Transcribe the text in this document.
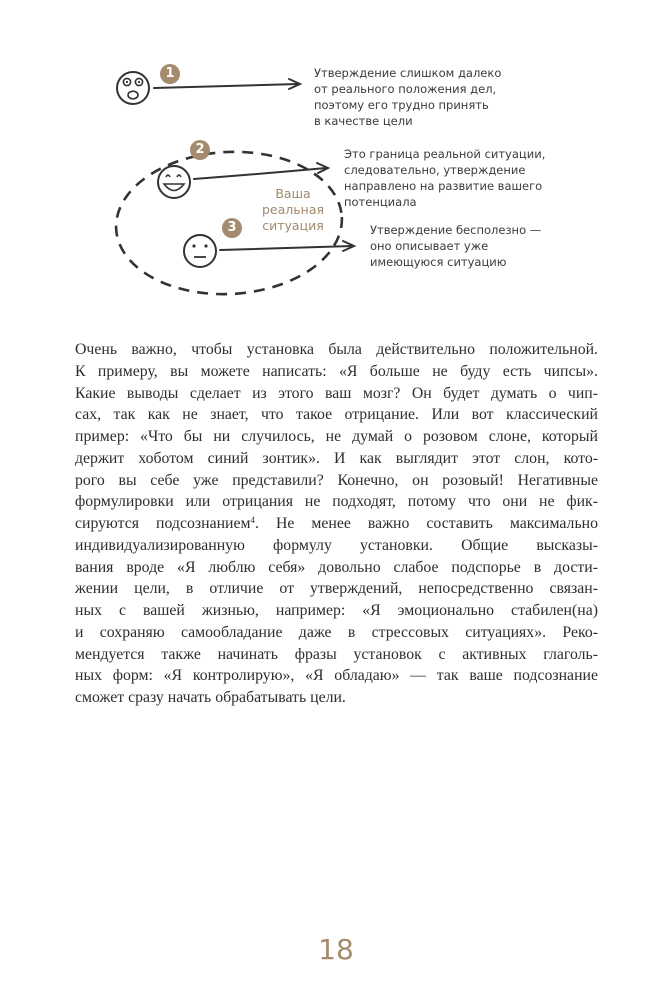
1
2
3
Ваша
реальная
ситуация
Утверждение слишком далеко
от реального положения дел,
поэтому его трудно принять
в качестве цели
Это граница реальной ситуации,
следовательно, утверждение
направлено на развитие вашего
потенциала
Утверждение бесполезно —
оно описывает уже
имеющуюся ситуацию
Очень важно, чтобы установка была действительно положительной.
К примеру, вы можете написать: «Я больше не буду есть чипсы».
Какие выводы сделает из этого ваш мозг? Он будет думать о чип-
сах, так как не знает, что такое отрицание. Или вот классический
пример: «Что бы ни случилось, не думай о розовом слоне, который
держит хоботом синий зонтик». И как выглядит этот слон, кото-
рого вы себе уже представили? Конечно, он розовый! Негативные
формулировки или отрицания не подходят, потому что они не фик-
сируются подсознанием$^4$. Не менее важно составить максимально
индивидуализированную формулу установки. Общие высказы-
вания вроде «Я люблю себя» довольно слабое подспорье в дости-
жении цели, в отличие от утверждений, непосредственно связан-
ных с вашей жизнью, например: «Я эмоционально стабилен(на)
и сохраняю самообладание даже в стрессовых ситуациях». Реко-
мендуется также начинать фразы установок с активных глаголь-
ных форм: «Я контролирую», «Я обладаю» — так ваше подсознание
сможет сразу начать обрабатывать цели.
18
